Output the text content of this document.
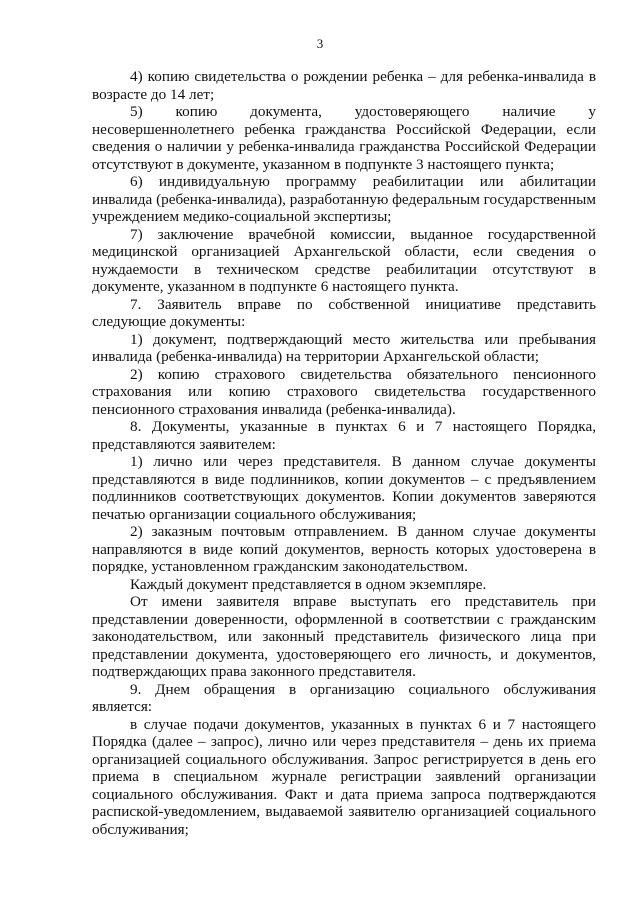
3

4) копию свидетельства о рождении ребенка – для ребенка-инвалида в возрасте до 14 лет;

5) копию документа, удостоверяющего наличие у несовершеннолетнего ребенка гражданства Российской Федерации, если сведения о наличии у ребенка-инвалида гражданства Российской Федерации отсутствуют в документе, указанном в подпункте 3 настоящего пункта;

6) индивидуальную программу реабилитации или абилитации инвалида (ребенка-инвалида), разработанную федеральным государственным учреждением медико-социальной экспертизы;

7) заключение врачебной комиссии, выданное государственной медицинской организацией Архангельской области, если сведения о нуждаемости в техническом средстве реабилитации отсутствуют в документе, указанном в подпункте 6 настоящего пункта.

7. Заявитель вправе по собственной инициативе представить следующие документы:

1) документ, подтверждающий место жительства или пребывания инвалида (ребенка-инвалида) на территории Архангельской области;

2) копию страхового свидетельства обязательного пенсионного страхования или копию страхового свидетельства государственного пенсионного страхования инвалида (ребенка-инвалида).

8. Документы, указанные в пунктах 6 и 7 настоящего Порядка, представляются заявителем:

1) лично или через представителя. В данном случае документы представляются в виде подлинников, копии документов – с предъявлением подлинников соответствующих документов. Копии документов заверяются печатью организации социального обслуживания;

2) заказным почтовым отправлением. В данном случае документы направляются в виде копий документов, верность которых удостоверена в порядке, установленном гражданским законодательством.

Каждый документ представляется в одном экземпляре.

От имени заявителя вправе выступать его представитель при представлении доверенности, оформленной в соответствии с гражданским законодательством, или законный представитель физического лица при представлении документа, удостоверяющего его личность, и документов, подтверждающих права законного представителя.

9. Днем обращения в организацию социального обслуживания является:

в случае подачи документов, указанных в пунктах 6 и 7 настоящего Порядка (далее – запрос), лично или через представителя – день их приема организацией социального обслуживания. Запрос регистрируется в день его приема в специальном журнале регистрации заявлений организации социального обслуживания. Факт и дата приема запроса подтверждаются распиской-уведомлением, выдаваемой заявителю организацией социального обслуживания;
